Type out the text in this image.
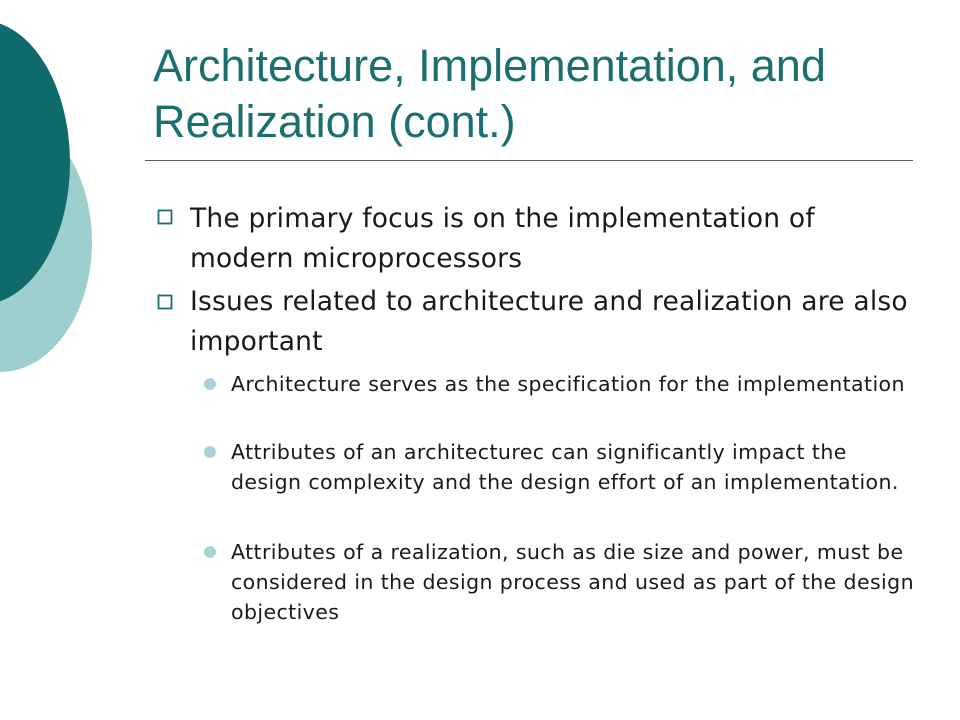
Architecture, Implementation, and Realization (cont.)
The primary focus is on the implementation of modern microprocessors
Issues related to architecture and realization are also important
Architecture serves as the specification for the implementation
Attributes of an architecturec can significantly impact the design complexity and the design effort of an implementation.
Attributes of a realization, such as die size and power, must be considered in the design process and used as part of the design objectives
